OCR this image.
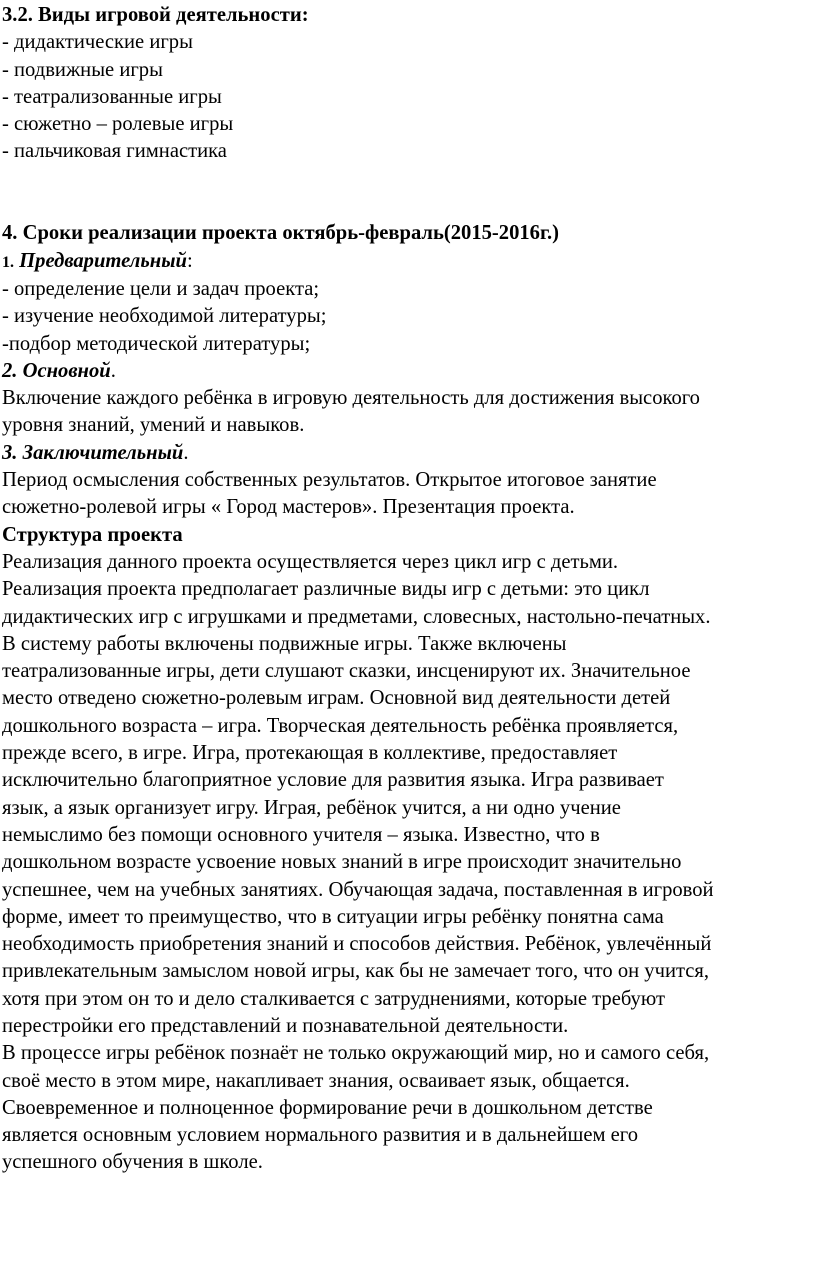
3.2. Виды игровой деятельности:
- дидактические игры
- подвижные игры
- театрализованные игры
- сюжетно – ролевые игры
- пальчиковая гимнастика
4. Сроки реализации проекта октябрь-февраль(2015-2016г.)
1. Предварительный:
- определение цели и задач проекта;
- изучение необходимой литературы;
-подбор методической литературы;
2. Основной.
Включение каждого ребёнка в игровую деятельность для достижения высокого
уровня знаний, умений и навыков.
3. Заключительный.
Период осмысления собственных результатов. Открытое итоговое занятие
сюжетно-ролевой игры « Город мастеров». Презентация проекта.
Структура проекта
Реализация данного проекта осуществляется через цикл игр с детьми.
Реализация проекта предполагает различные виды игр с детьми: это цикл
дидактических игр с игрушками и предметами, словесных, настольно-печатных.
В систему работы включены подвижные игры. Также включены
театрализованные игры, дети слушают сказки, инсценируют их. Значительное
место отведено сюжетно-ролевым играм. Основной вид деятельности детей
дошкольного возраста – игра. Творческая деятельность ребёнка проявляется,
прежде всего, в игре. Игра, протекающая в коллективе, предоставляет
исключительно благоприятное условие для развития языка. Игра развивает
язык, а язык организует игру. Играя, ребёнок учится, а ни одно учение
немыслимо без помощи основного учителя – языка. Известно, что в
дошкольном возрасте усвоение новых знаний в игре происходит значительно
успешнее, чем на учебных занятиях. Обучающая задача, поставленная в игровой
форме, имеет то преимущество, что в ситуации игры ребёнку понятна сама
необходимость приобретения знаний и способов действия. Ребёнок, увлечённый
привлекательным замыслом новой игры, как бы не замечает того, что он учится,
хотя при этом он то и дело сталкивается с затруднениями, которые требуют
перестройки его представлений и познавательной деятельности.
В процессе игры ребёнок познаёт не только окружающий мир, но и самого себя,
своё место в этом мире, накапливает знания, осваивает язык, общается.
Своевременное и полноценное формирование речи в дошкольном детстве
является основным условием нормального развития и в дальнейшем его
успешного обучения в школе.
